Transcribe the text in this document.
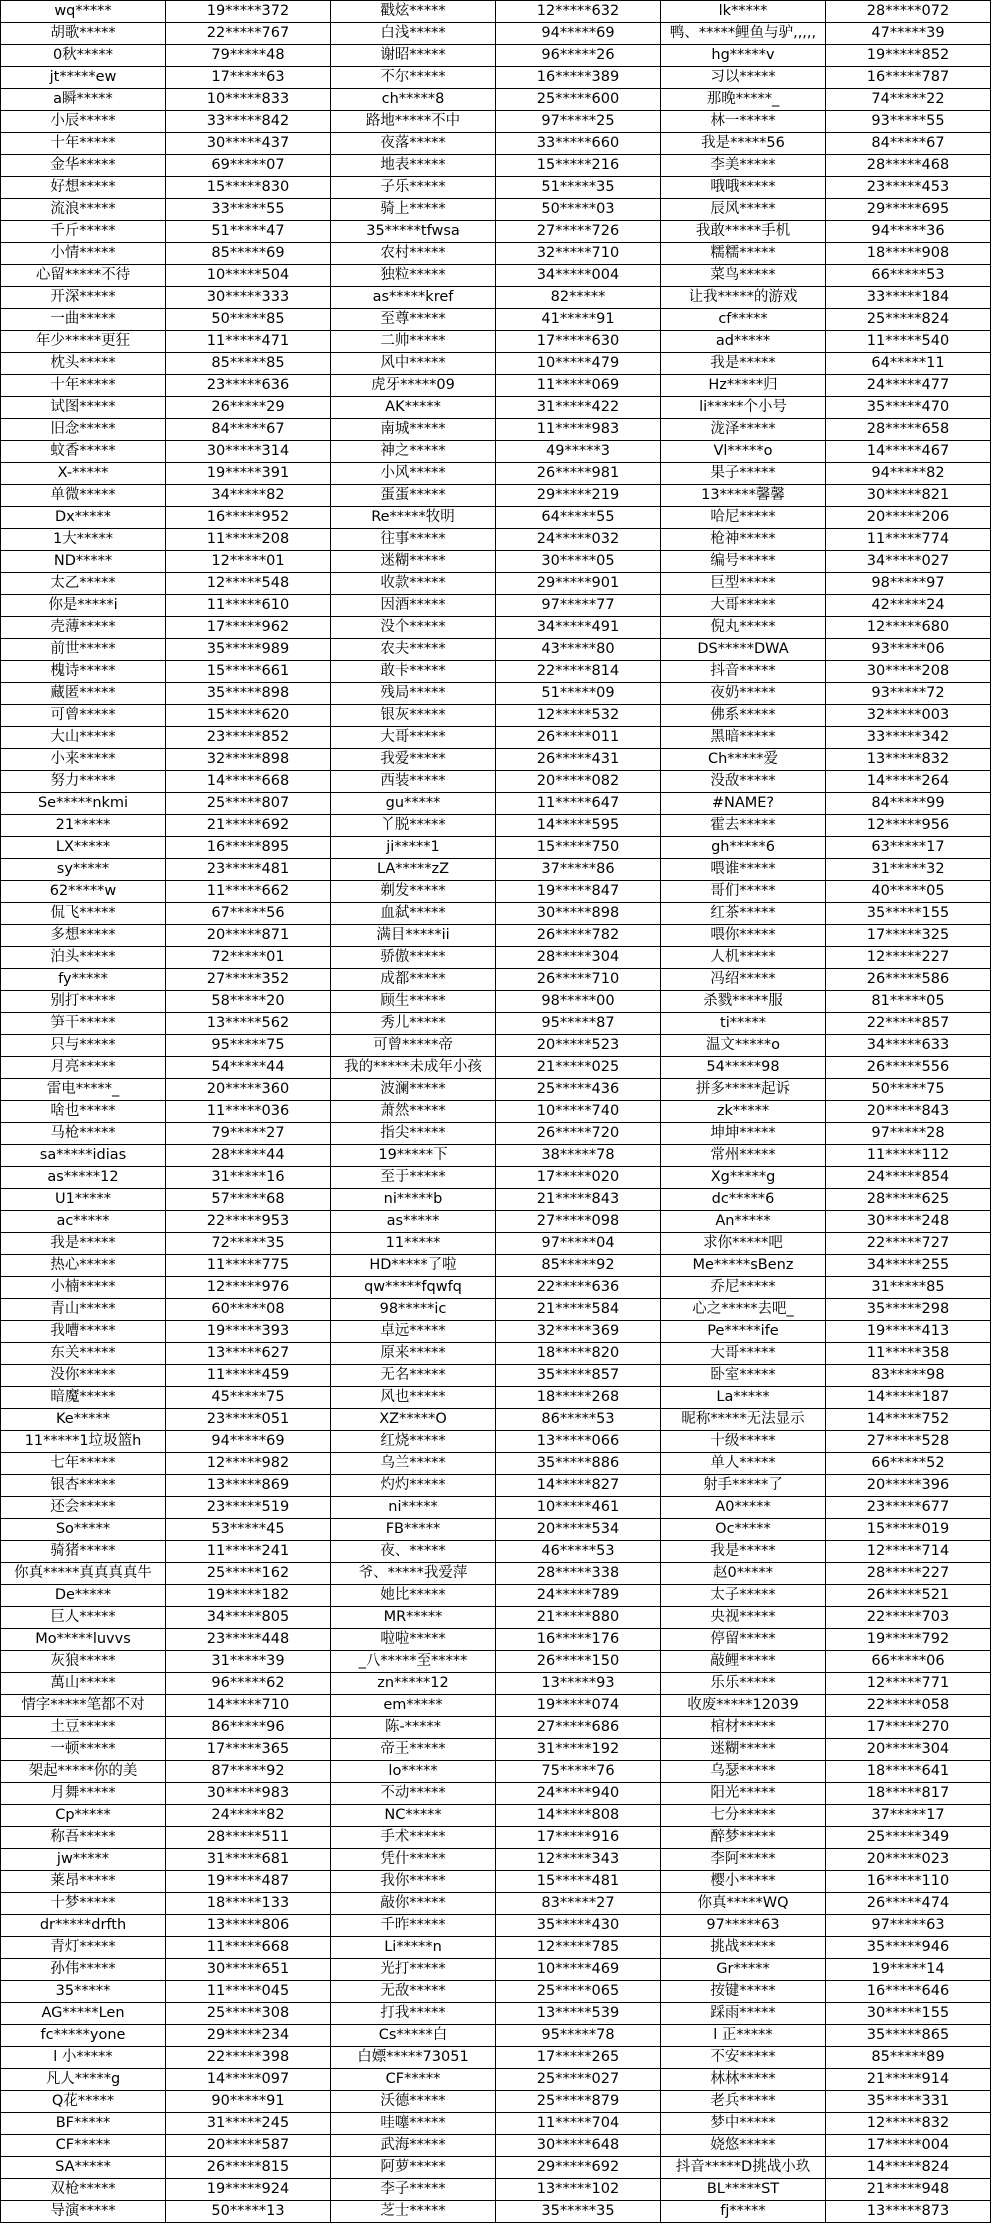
wq*****	19*****372	戳炫*****	12*****632	lk*****	28*****072
胡歌*****	22*****767	白浅*****	94*****69	鸭、*****鲤鱼与驴,,,,,	47*****39
0秋*****	79*****48	谢昭*****	96*****26	hg*****v	19*****852
jt*****ew	17*****63	不尔*****	16*****389	习以*****	16*****787
a瞬*****	10*****833	ch*****8	25*****600	那晚*****_	74*****22
小辰*****	33*****842	路地*****不中	97*****25	林一*****	93*****55
十年*****	30*****437	夜落*****	33*****660	我是*****56	84*****67
金华*****	69*****07	地表*****	15*****216	李美*****	28*****468
好想*****	15*****830	子乐*****	51*****35	哦哦*****	23*****453
流浪*****	33*****55	骑上*****	50*****03	辰风*****	29*****695
千斤*****	51*****47	35*****tfwsa	27*****726	我敢*****手机	94*****36
小情*****	85*****69	农村*****	32*****710	糯糯*****	18*****908
心留*****不待	10*****504	独粒*****	34*****004	菜鸟*****	66*****53
开深*****	30*****333	as*****kref	82*****	让我*****的游戏	33*****184
一曲*****	50*****85	至尊*****	41*****91	cf*****	25*****824
年少*****更狂	11*****471	二帅*****	17*****630	ad*****	11*****540
枕头*****	85*****85	风中*****	10*****479	我是*****	64*****11
十年*****	23*****636	虎牙*****09	11*****069	Hz*****归	24*****477
试图*****	26*****29	AK*****	31*****422	li*****个小号	35*****470
旧念*****	84*****67	南城*****	11*****983	泷泽*****	28*****658
蚊香*****	30*****314	神之*****	49*****3	Vl*****o	14*****467
X-*****	19*****391	小风*****	26*****981	果子*****	94*****82
单微*****	34*****82	蛋蛋*****	29*****219	13*****馨馨	30*****821
Dx*****	16*****952	Re*****牧明	64*****55	哈尼*****	20*****206
1大*****	11*****208	往事*****	24*****032	枪神*****	11*****774
ND*****	12*****01	迷糊*****	30*****05	编号*****	34*****027
太乙*****	12*****548	收款*****	29*****901	巨型*****	98*****97
你是*****i	11*****610	因酒*****	97*****77	大哥*****	42*****24
壳薄*****	17*****962	没个*****	34*****491	倪丸*****	12*****680
前世*****	35*****989	农夫*****	43*****80	DS*****DWA	93*****06
槐诗*****	15*****661	敢卡*****	22*****814	抖音*****	30*****208
藏匿*****	35*****898	残局*****	51*****09	夜奶*****	93*****72
可曾*****	15*****620	银灰*****	12*****532	佛系*****	32*****003
大山*****	23*****852	大哥*****	26*****011	黑暗*****	33*****342
小来*****	32*****898	我爱*****	26*****431	Ch*****爱	13*****832
努力*****	14*****668	西装*****	20*****082	没敌*****	14*****264
Se*****nkmi	25*****807	gu*****	11*****647	#NAME?	84*****99
21*****	21*****692	丫脱*****	14*****595	霍去*****	12*****956
LX*****	16*****895	ji*****1	15*****750	gh*****6	63*****17
sy*****	23*****481	LA*****zZ	37*****86	喂谁*****	31*****32
62*****w	11*****662	剃发*****	19*****847	哥们*****	40*****05
侃飞*****	67*****56	血弑*****	30*****898	红茶*****	35*****155
多想*****	20*****871	满目*****ii	26*****782	喂你*****	17*****325
泊头*****	72*****01	骄傲*****	28*****304	人机*****	12*****227
fy*****	27*****352	成都*****	26*****710	冯绍*****	26*****586
别打*****	58*****20	顾生*****	98*****00	杀戮*****服	81*****05
笋干*****	13*****562	秀儿*****	95*****87	ti*****	22*****857
只与*****	95*****75	可曾*****帝	20*****523	温文*****o	34*****633
月亮*****	54*****44	我的*****未成年小孩	21*****025	54*****98	26*****556
雷电*****_	20*****360	波澜*****	25*****436	拼多*****起诉	50*****75
啥也*****	11*****036	萧然*****	10*****740	zk*****	20*****843
马枪*****	79*****27	指尖*****	26*****720	坤坤*****	97*****28
sa*****idias	28*****44	19*****下	38*****78	常州*****	11*****112
as*****12	31*****16	至于*****	17*****020	Xg*****g	24*****854
U1*****	57*****68	ni*****b	21*****843	dc*****6	28*****625
ac*****	22*****953	as*****	27*****098	An*****	30*****248
我是*****	72*****35	11*****	97*****04	求你*****吧	22*****727
热心*****	11*****775	HD*****了啦	85*****92	Me*****sBenz	34*****255
小楠*****	12*****976	qw*****fqwfq	22*****636	乔尼*****	31*****85
青山*****	60*****08	98*****ic	21*****584	心之*****去吧_	35*****298
我嘈*****	19*****393	卓远*****	32*****369	Pe*****ife	19*****413
东关*****	13*****627	原来*****	18*****820	大哥*****	11*****358
没你*****	11*****459	无名*****	35*****857	卧室*****	83*****98
暗魔*****	45*****75	风也*****	18*****268	La*****	14*****187
Ke*****	23*****051	XZ*****O	86*****53	昵称*****无法显示	14*****752
11*****1垃圾篮h	94*****69	红烧*****	13*****066	十级*****	27*****528
七年*****	12*****982	乌兰*****	35*****886	单人*****	66*****52
银杏*****	13*****869	灼灼*****	14*****827	射手*****了	20*****396
还会*****	23*****519	ni*****	10*****461	A0*****	23*****677
So*****	53*****45	FB*****	20*****534	Oc*****	15*****019
骑猪*****	11*****241	夜、*****	46*****53	我是*****	12*****714
你真*****真真真真牛	25*****162	爷、*****我爱萍	28*****338	赵0*****	28*****227
De*****	19*****182	她比*****	24*****789	太子*****	26*****521
巨人*****	34*****805	MR*****	21*****880	央视*****	22*****703
Mo*****luvvs	23*****448	啦啦*****	16*****176	停留*****	19*****792
灰狼*****	31*****39	_八*****至*****	26*****150	敲鲤*****	66*****06
萬山*****	96*****62	zn*****12	13*****93	乐乐*****	12*****771
情字*****笔都不对	14*****710	em*****	19*****074	收废*****12039	22*****058
土豆*****	86*****96	陈-*****	27*****686	棺材*****	17*****270
一顿*****	17*****365	帝王*****	31*****192	迷糊*****	20*****304
架起*****你的美	87*****92	lo*****	75*****76	乌瑟*****	18*****641
月舞*****	30*****983	不动*****	24*****940	阳光*****	18*****817
Cp*****	24*****82	NC*****	14*****808	七分*****	37*****17
称吾*****	28*****511	手术*****	17*****916	醉梦*****	25*****349
jw*****	31*****681	凭什*****	12*****343	李阿*****	20*****023
莱昂*****	19*****487	我你*****	15*****481	樱小*****	16*****110
十梦*****	18*****133	敲你*****	83*****27	你真*****WQ	26*****474
dr*****drfth	13*****806	千昨*****	35*****430	97*****63	97*****63
青灯*****	11*****668	Li*****n	12*****785	挑战*****	35*****946
孙伟*****	30*****651	光打*****	10*****469	Gr*****	19*****14
35*****	11*****045	无敌*****	25*****065	按键*****	16*****646
AG*****Len	25*****308	打我*****	13*****539	踩雨*****	30*****155
fc*****yone	29*****234	Cs*****白	95*****78	l 正*****	35*****865
l 小*****	22*****398	白嫖*****73051	17*****265	不安*****	85*****89
凡人*****g	14*****097	CF*****	25*****027	林林*****	21*****914
Q花*****	90*****91	沃德*****	25*****879	老兵*****	35*****331
BF*****	31*****245	哇噻*****	11*****704	梦中*****	12*****832
CF*****	20*****587	武海*****	30*****648	娆悠*****	17*****004
SA*****	26*****815	阿萝*****	29*****692	抖音*****D挑战小玖	14*****824
双枪*****	19*****924	李子*****	13*****102	BL*****ST	21*****948
导演*****	50*****13	芝士*****	35*****35	fj*****	13*****873
